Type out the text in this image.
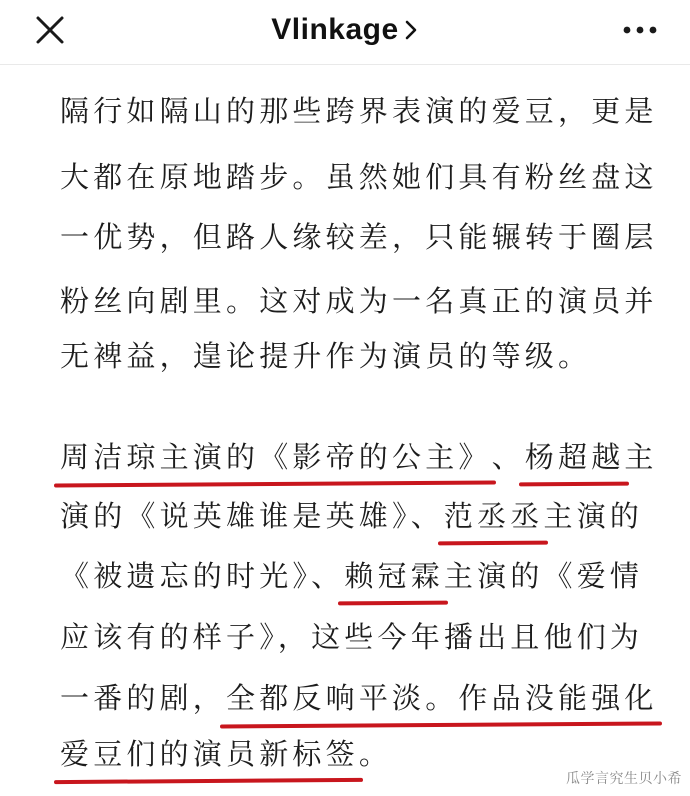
Vlinkage
隔行如隔山的那些跨界表演的爱豆，更是
大都在原地踏步。虽然她们具有粉丝盘这
一优势，但路人缘较差，只能辗转于圈层
粉丝向剧里。这对成为一名真正的演员并
无裨益，遑论提升作为演员的等级。
周洁琼主演的《影帝的公主》、杨超越主
演的《说英雄谁是英雄》、范丞丞主演的
《被遗忘的时光》、赖冠霖主演的《爱情
应该有的样子》，这些今年播出且他们为
一番的剧，全都反响平淡。作品没能强化
爱豆们的演员新标签。
瓜学言究生贝小希
